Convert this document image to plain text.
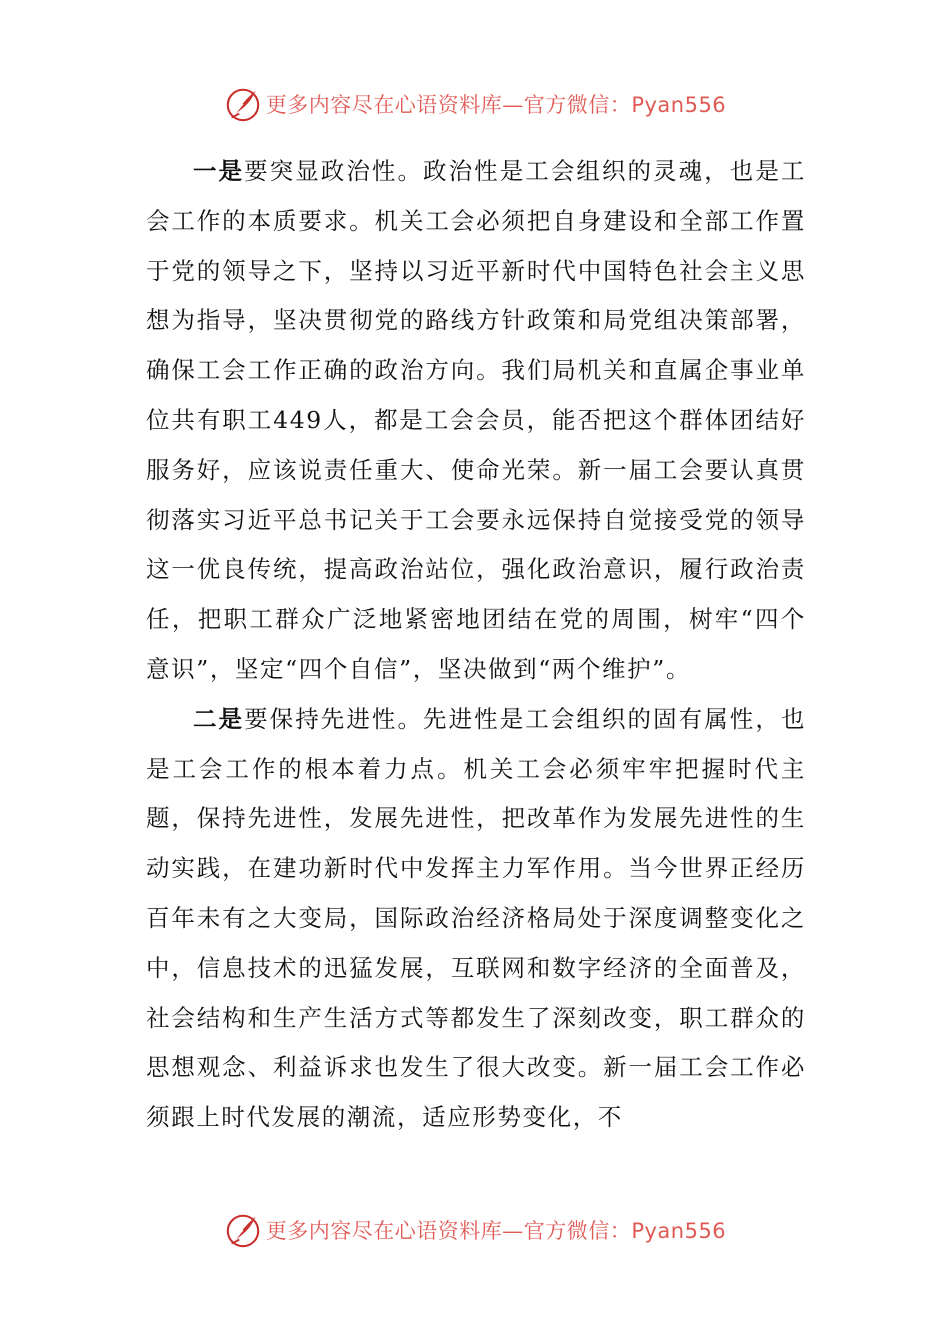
更多内容尽在心语资料库—官方微信：Pyan556

一是要突显政治性。政治性是工会组织的灵魂，也是工会工作的本质要求。机关工会必须把自身建设和全部工作置于党的领导之下，坚持以习近平新时代中国特色社会主义思想为指导，坚决贯彻党的路线方针政策和局党组决策部署，确保工会工作正确的政治方向。我们局机关和直属企事业单位共有职工449人，都是工会会员，能否把这个群体团结好服务好，应该说责任重大、使命光荣。新一届工会要认真贯彻落实习近平总书记关于工会要永远保持自觉接受党的领导这一优良传统，提高政治站位，强化政治意识，履行政治责任，把职工群众广泛地紧密地团结在党的周围，树牢“四个意识”，坚定“四个自信”，坚决做到“两个维护”。

二是要保持先进性。先进性是工会组织的固有属性，也是工会工作的根本着力点。机关工会必须牢牢把握时代主题，保持先进性，发展先进性，把改革作为发展先进性的生动实践，在建功新时代中发挥主力军作用。当今世界正经历百年未有之大变局，国际政治经济格局处于深度调整变化之中，信息技术的迅猛发展，互联网和数字经济的全面普及，社会结构和生产生活方式等都发生了深刻改变，职工群众的思想观念、利益诉求也发生了很大改变。新一届工会工作必须跟上时代发展的潮流，适应形势变化，不

更多内容尽在心语资料库—官方微信：Pyan556
